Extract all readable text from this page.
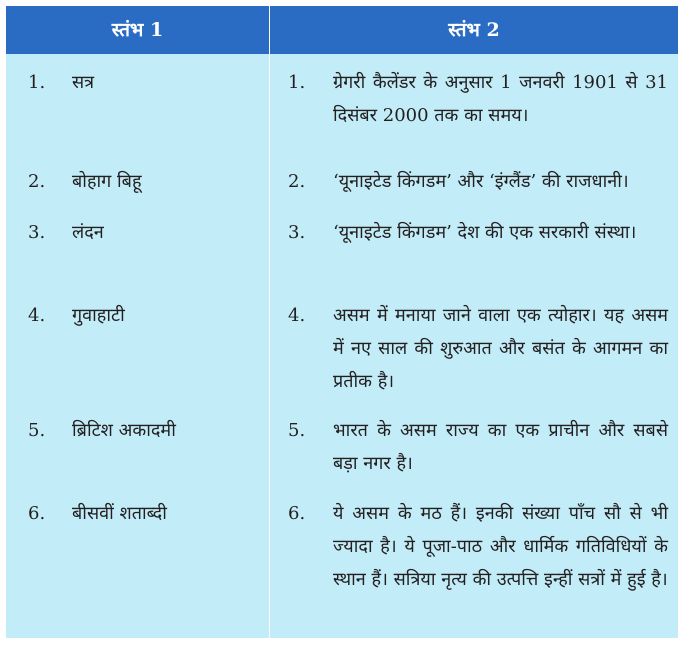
स्तंभ 1	स्तंभ 2
1. सत्र	1. ग्रेगरी कैलेंडर के अनुसार 1 जनवरी 1901 से 31 दिसंबर 2000 तक का समय।
2. बोहाग बिहू	2. ‘यूनाइटेड किंगडम’ और ‘इंग्लैंड’ की राजधानी।
3. लंदन	3. ‘यूनाइटेड किंगडम’ देश की एक सरकारी संस्था।
4. गुवाहाटी	4. असम में मनाया जाने वाला एक त्योहार। यह असम में नए साल की शुरुआत और बसंत के आगमन का प्रतीक है।
5. ब्रिटिश अकादमी	5. भारत के असम राज्य का एक प्राचीन और सबसे बड़ा नगर है।
6. बीसवीं शताब्दी	6. ये असम के मठ हैं। इनकी संख्या पाँच सौ से भी ज्यादा है। ये पूजा-पाठ और धार्मिक गतिविधियों के स्थान हैं। सत्रिया नृत्य की उत्पत्ति इन्हीं सत्रों में हुई है।
